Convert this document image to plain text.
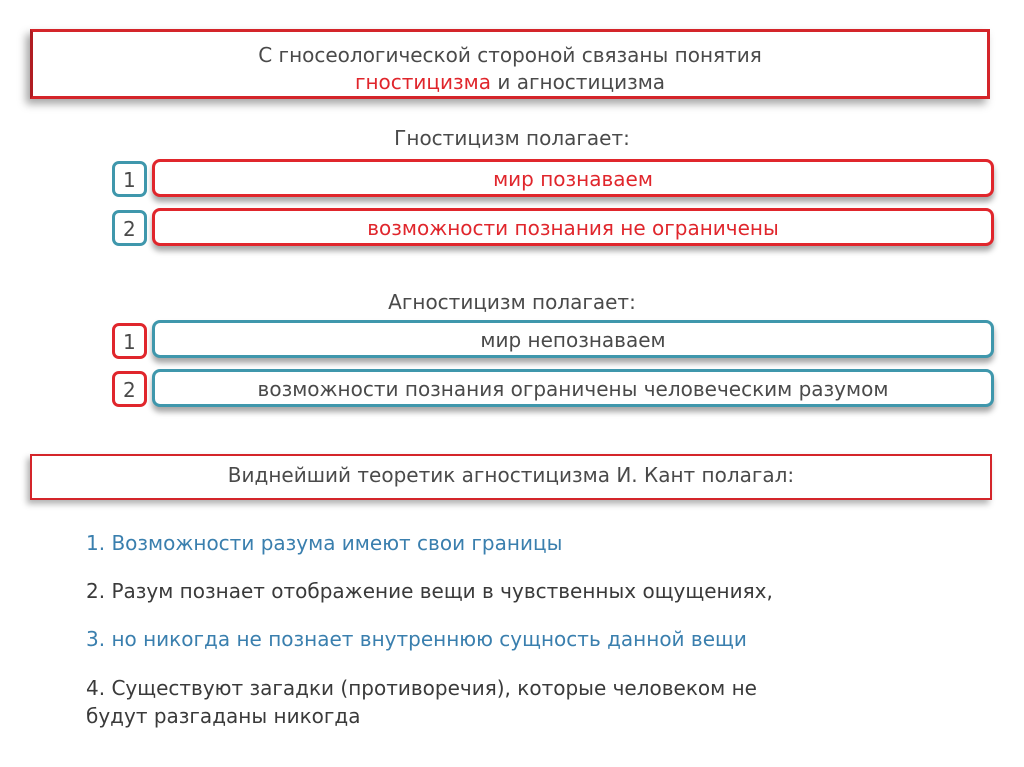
С гносеологической стороной связаны понятия
гностицизма и агностицизма
Гностицизм полагает:
1	мир познаваем
2	возможности познания не ограничены
Агностицизм полагает:
1	мир непознаваем
2	возможности познания ограничены человеческим разумом
Виднейший теоретик агностицизма И. Кант полагал:
1. Возможности разума имеют свои границы
2. Разум познает отображение вещи в чувственных ощущениях,
3. но никогда не познает внутреннюю сущность данной вещи
4. Существуют загадки (противоречия), которые человеком не
будут разгаданы никогда
